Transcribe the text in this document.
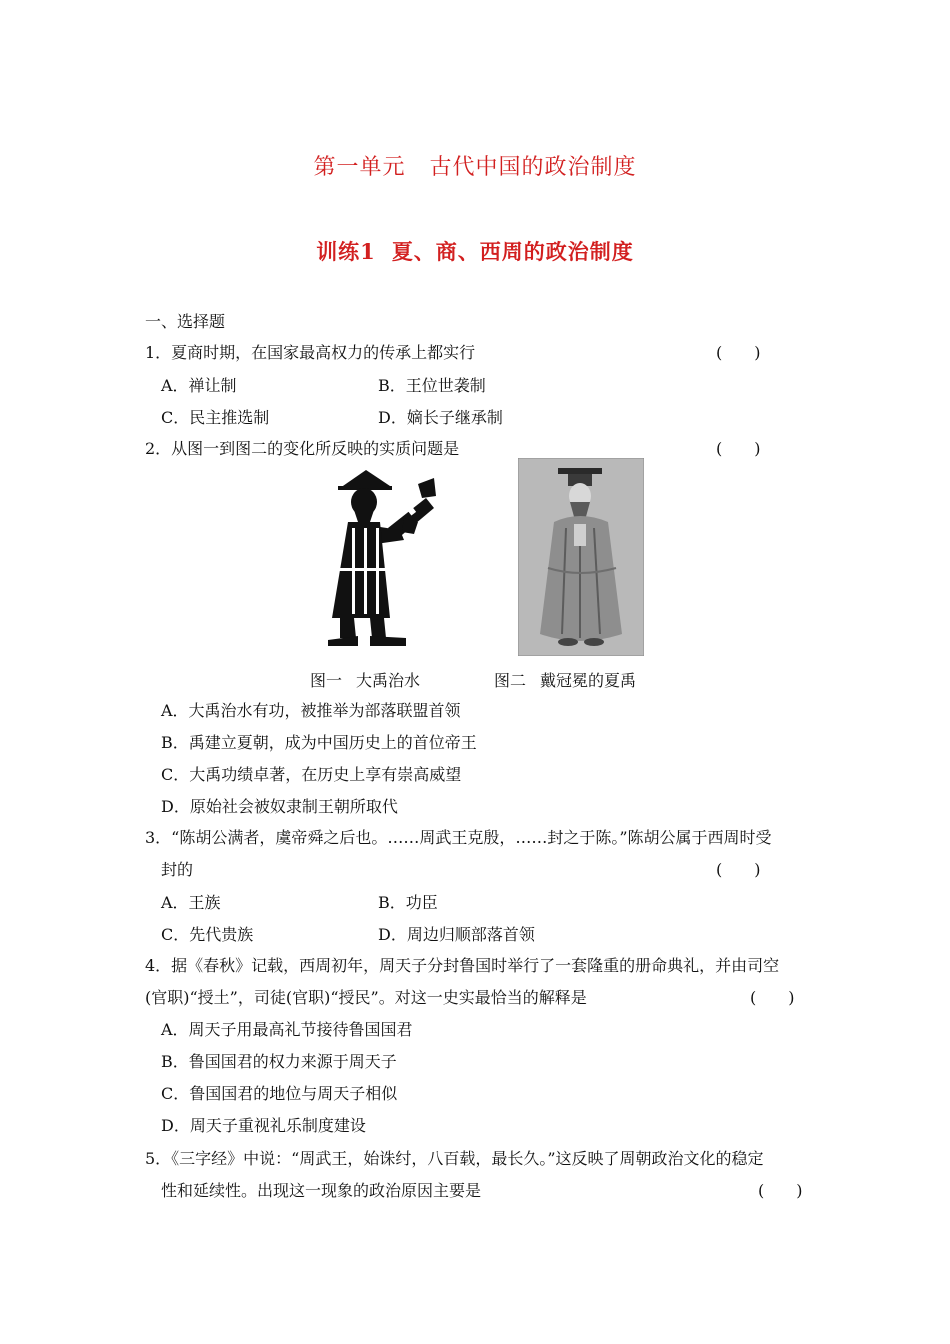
第一单元 古代中国的政治制度
训练1 夏、商、西周的政治制度
一、选择题
1．夏商时期，在国家最高权力的传承上都实行	(　　)
A．禅让制	B．王位世袭制
C．民主推选制	D．嫡长子继承制
2．从图一到图二的变化所反映的实质问题是	(　　)
图一 大禹治水	图二 戴冠冕的夏禹
A．大禹治水有功，被推举为部落联盟首领
B．禹建立夏朝，成为中国历史上的首位帝王
C．大禹功绩卓著，在历史上享有崇高威望
D．原始社会被奴隶制王朝所取代
3．“陈胡公满者，虞帝舜之后也。……周武王克殷，……封之于陈。”陈胡公属于西周时受
封的	(　　)
A．王族	B．功臣
C．先代贵族	D．周边归顺部落首领
4．据《春秋》记载，西周初年，周天子分封鲁国时举行了一套隆重的册命典礼，并由司空
(官职)“授土”，司徒(官职)“授民”。对这一史实最恰当的解释是	(　　)
A．周天子用最高礼节接待鲁国国君
B．鲁国国君的权力来源于周天子
C．鲁国国君的地位与周天子相似
D．周天子重视礼乐制度建设
5．《三字经》中说：“周武王，始诛纣，八百载，最长久。”这反映了周朝政治文化的稳定
性和延续性。出现这一现象的政治原因主要是	(　　)
